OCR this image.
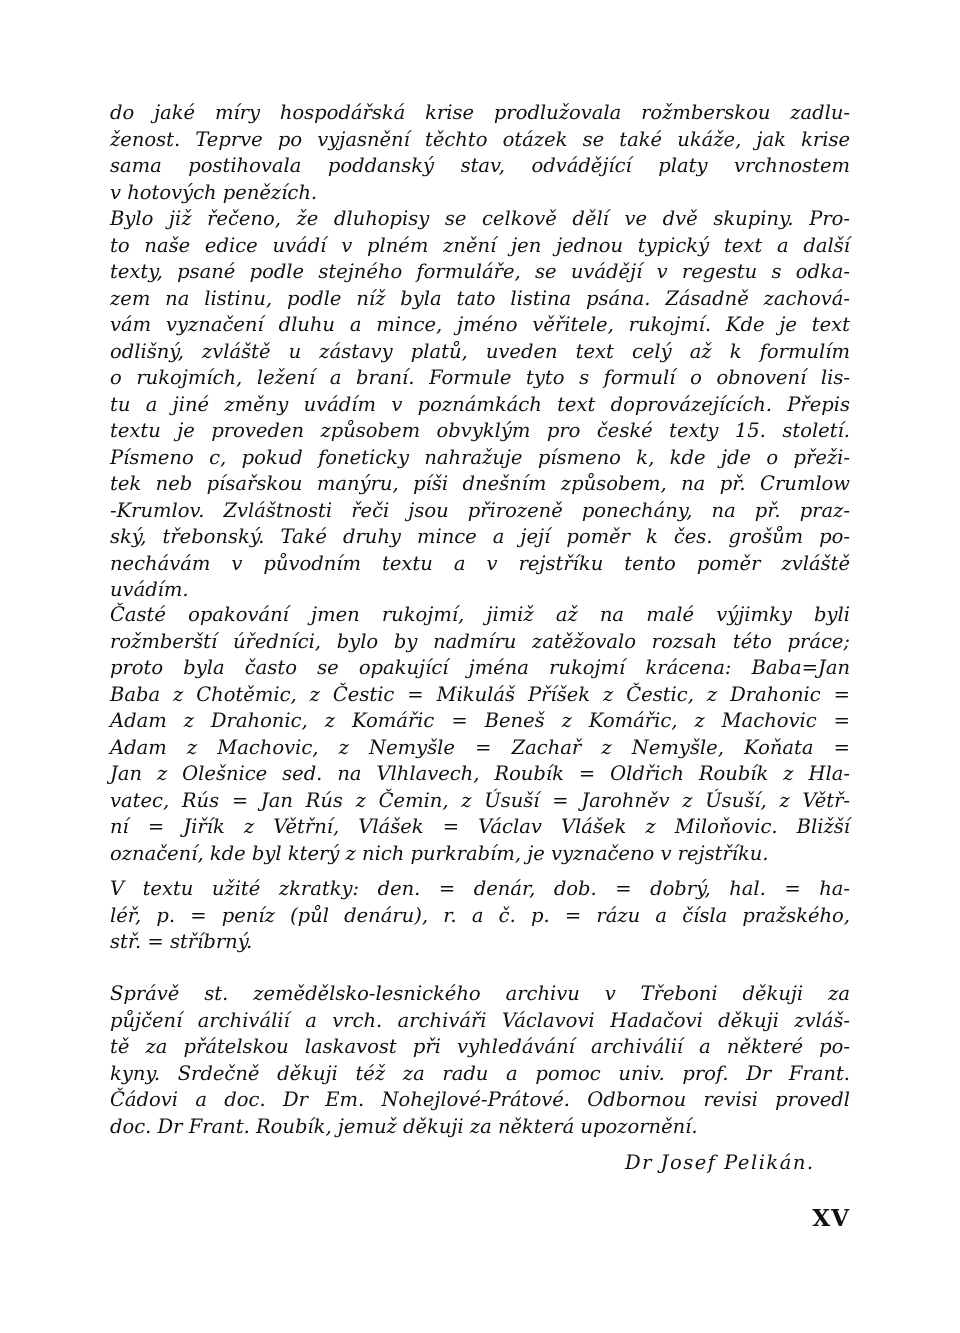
do jaké míry hospodářská krise prodlužovala rožmberskou zadlu-
ženost. Teprve po vyjasnění těchto otázek se také ukáže, jak krise
sama postihovala poddanský stav, odvádějící platy vrchnostem
v hotových penězích.
Bylo již řečeno, že dluhopisy se celkově dělí ve dvě skupiny. Pro-
to naše edice uvádí v plném znění jen jednou typický text a další
texty, psané podle stejného formuláře, se uvádějí v regestu s odka-
zem na listinu, podle níž byla tato listina psána. Zásadně zachová-
vám vyznačení dluhu a mince, jméno věřitele, rukojmí. Kde je text
odlišný, zvláště u zástavy platů, uveden text celý až k formulím
o rukojmích, ležení a braní. Formule tyto s formulí o obnovení lis-
tu a jiné změny uvádím v poznámkách text doprovázejících. Přepis
textu je proveden způsobem obvyklým pro české texty 15. století.
Písmeno c, pokud foneticky nahražuje písmeno k, kde jde o přeži-
tek neb písařskou manýru, píši dnešním způsobem, na př. Crumlow
-Krumlov. Zvláštnosti řeči jsou přirozeně ponechány, na př. praz-
ský, třebonský. Také druhy mince a její poměr k čes. grošům po-
nechávám v původním textu a v rejstříku tento poměr zvláště
uvádím.
Časté opakování jmen rukojmí, jimiž až na malé výjimky byli
rožmberští úředníci, bylo by nadmíru zatěžovalo rozsah této práce;
proto byla často se opakující jména rukojmí krácena: Baba=Jan
Baba z Chotěmic, z Čestic = Mikuláš Příšek z Čestic, z Drahonic =
Adam z Drahonic, z Komářic = Beneš z Komářic, z Machovic =
Adam z Machovic, z Nemyšle = Zachař z Nemyšle, Koňata =
Jan z Olešnice sed. na Vlhlavech, Roubík = Oldřich Roubík z Hla-
vatec, Rús = Jan Rús z Čemin, z Úsuší = Jarohněv z Úsuší, z Větř-
ní = Jiřík z Větřní, Vlášek = Václav Vlášek z Miloňovic. Bližší
označení, kde byl který z nich purkrabím, je vyznačeno v rejstříku.
V textu užité zkratky: den. = denár, dob. = dobrý, hal. = ha-
léř, p. = peníz (půl denáru), r. a č. p. = rázu a čísla pražského,
stř. = stříbrný.
Správě st. zemědělsko-lesnického archivu v Třeboni děkuji za
půjčení archiválií a vrch. archiváři Václavovi Hadačovi děkuji zvláš-
tě za přátelskou laskavost při vyhledávání archiválií a některé po-
kyny. Srdečně děkuji též za radu a pomoc univ. prof. Dr Frant.
Čádovi a doc. Dr Em. Nohejlové-Prátové. Odbornou revisi provedl
doc. Dr Frant. Roubík, jemuž děkuji za některá upozornění.
Dr Josef Pelikán.
XV
